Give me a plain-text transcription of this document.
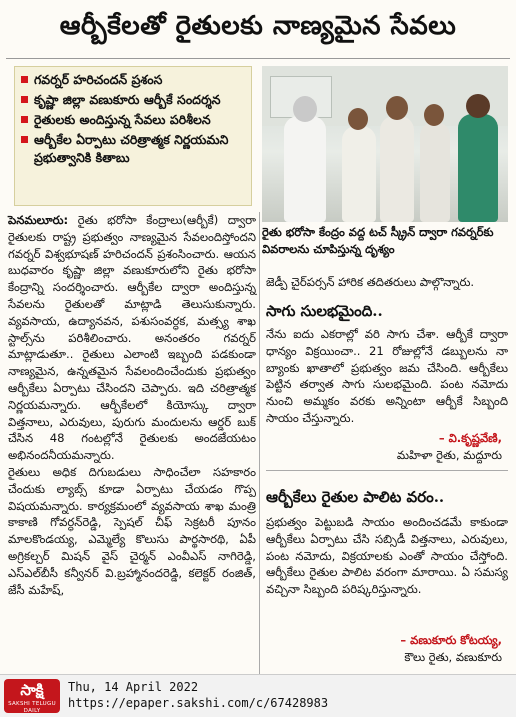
ఆర్బీకేలతో రైతులకు నాణ్యమైన సేవలు
గవర్నర్ హరిచందన్ ప్రశంస
కృష్ణా జిల్లా వణుకూరు ఆర్బీకే సందర్శన
రైతులకు అందిస్తున్న సేవలు పరిశీలన
ఆర్బీకేల ఏర్పాటు చరిత్రాత్మక నిర్ణయమని ప్రభుత్వానికి కితాబు
రైతు భరోసా కేంద్రం వద్ద టచ్ స్క్రీన్ ద్వారా గవర్నర్‌కు వివరాలను చూపిస్తున్న దృశ్యం

పెనమలూరు: రైతు భరోసా కేంద్రాలు(ఆర్బీకే) ద్వారా రైతులకు రాష్ట్ర ప్రభుత్వం నాణ్యమైన సేవలందిస్తోందని గవర్నర్ విశ్వభూషణ్ హరిచందన్ ప్రశంసించారు. ఆయన బుధవారం కృష్ణా జిల్లా వణుకూరులోని రైతు భరోసా కేంద్రాన్ని సందర్శించారు. ఆర్బీకేల ద్వారా అందిస్తున్న సేవలను రైతులతో మాట్లాడి తెలుసుకున్నారు. వ్యవసాయ, ఉద్యానవన, పశుసంవర్ధక, మత్స్య శాఖ స్టాల్స్‌ను పరిశీలించారు. అనంతరం గవర్నర్ మాట్లాడుతూ.. రైతులు ఎలాంటి ఇబ్బంది పడకుండా నాణ్యమైన, ఉన్నతమైన సేవలందించేందుకు ప్రభుత్వం ఆర్బీకేలు ఏర్పాటు చేసిందని చెప్పారు. ఇది చరిత్రాత్మక నిర్ణయమన్నారు. ఆర్బీకేలలో కియోస్కు ద్వారా విత్తనాలు, ఎరువులు, పురుగు మందులను ఆర్డర్ బుక్ చేసిన 48 గంటల్లోనే రైతులకు అందజేయటం అభినందనీయమన్నారు.

రైతులు అధిక దిగుబడులు సాధించేలా సహకారం చేందుకు ల్యాబ్స్ కూడా ఏర్పాటు చేయడం గొప్ప విషయమన్నారు. కార్యక్రమంలో వ్యవసాయ శాఖ మంత్రి కాకాణి గోవర్ధన్‌రెడ్డి, స్పెషల్ చీఫ్ సెక్రటరీ పూనం మాలకొండయ్య, ఎమ్మెల్యే కొలుసు పార్థసారథి, ఏపీ అగ్రికల్చర్ మిషన్ వైస్ చైర్మన్ ఎంవీఎస్ నాగిరెడ్డి, ఎస్ఎల్‌బీసీ కన్వీనర్ వి.బ్రహ్మానందరెడ్డి, కలెక్టర్ రంజిత్, జేసీ మహేష్,

జెడ్పీ చైర్‌పర్సన్ హారిక తదితరులు పాల్గొన్నారు.
సాగు సులభమైంది..
నేను ఐదు ఎకరాల్లో వరి సాగు చేశా. ఆర్బీకే ద్వారా ధాన్యం విక్రయించా.. 21 రోజుల్లోనే డబ్బులను నా బ్యాంకు ఖాతాలో ప్రభుత్వం జమ చేసింది. ఆర్బీకేలు పెట్టిన తర్వాత సాగు సులభమైంది. పంట నమోదు నుంచి అమ్మకం వరకు అన్నింటా ఆర్బీకే సిబ్బంది సాయం చేస్తున్నారు.
– వి.కృష్ణవేణి,
మహిళా రైతు, మద్దూరు
ఆర్బీకేలు రైతుల పాలిట వరం..
ప్రభుత్వం పెట్టుబడి సాయం అందించడమే కాకుండా ఆర్బీకేలు ఏర్పాటు చేసి సబ్సిడీ విత్తనాలు, ఎరువులు, పంట నమోదు, విక్రయాలకు ఎంతో సాయం చేస్తోంది. ఆర్బీకేలు రైతుల పాలిట వరంగా మారాయి. ఏ సమస్య వచ్చినా సిబ్బంది పరిష్కరిస్తున్నారు.
– వణుకూరు కోటయ్య,
కౌలు రైతు, వణుకూరు
సాక్షి
SAKSHI TELUGU DAILY
Thu, 14 April 2022
https://epaper.sakshi.com/c/67428983
